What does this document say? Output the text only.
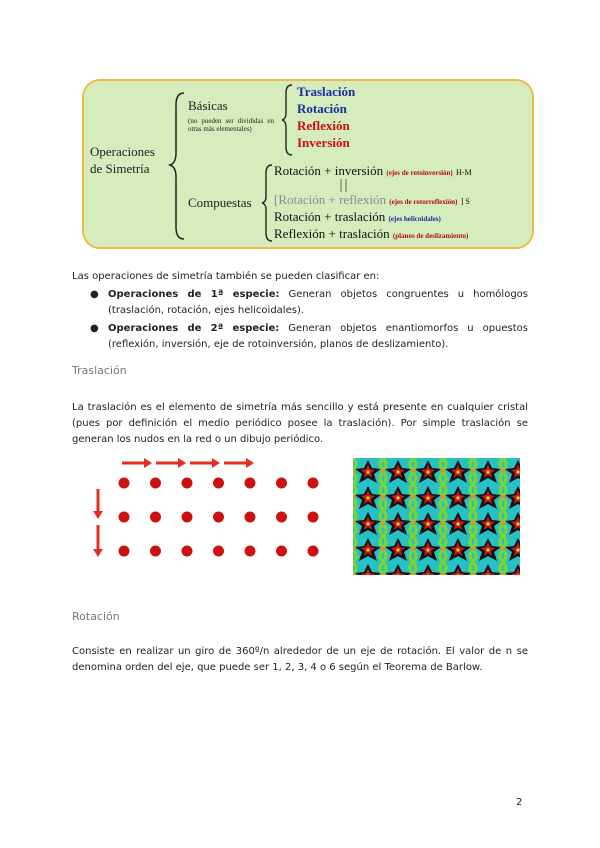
Operaciones
de Simetría
Básicas
(no pueden ser divididas en otras más elementales)
Traslación
Rotación
Reflexión
Inversión
Compuestas
Rotación + inversión (ejes de rotoinversión) H-M
[Rotación + reflexión (ejes de rotorreflexión) ] S
Rotación + traslación (ejes helicoidales)
Reflexión + traslación (planos de deslizamiento)
Las operaciones de simetría también se pueden clasificar en:
● Operaciones de 1ª especie: Generan objetos congruentes u homólogos (traslación, rotación, ejes helicoidales).
● Operaciones de 2ª especie: Generan objetos enantiomorfos u opuestos (reflexión, inversión, eje de rotoinversión, planos de deslizamiento).
Traslación
La traslación es el elemento de simetría más sencillo y está presente en cualquier cristal (pues por definición el medio periódico posee la traslación). Por simple traslación se generan los nudos en la red o un dibujo periódico.
Rotación
Consiste en realizar un giro de 360º/n alrededor de un eje de rotación. El valor de n se denomina orden del eje, que puede ser 1, 2, 3, 4 o 6 según el Teorema de Barlow.
2
